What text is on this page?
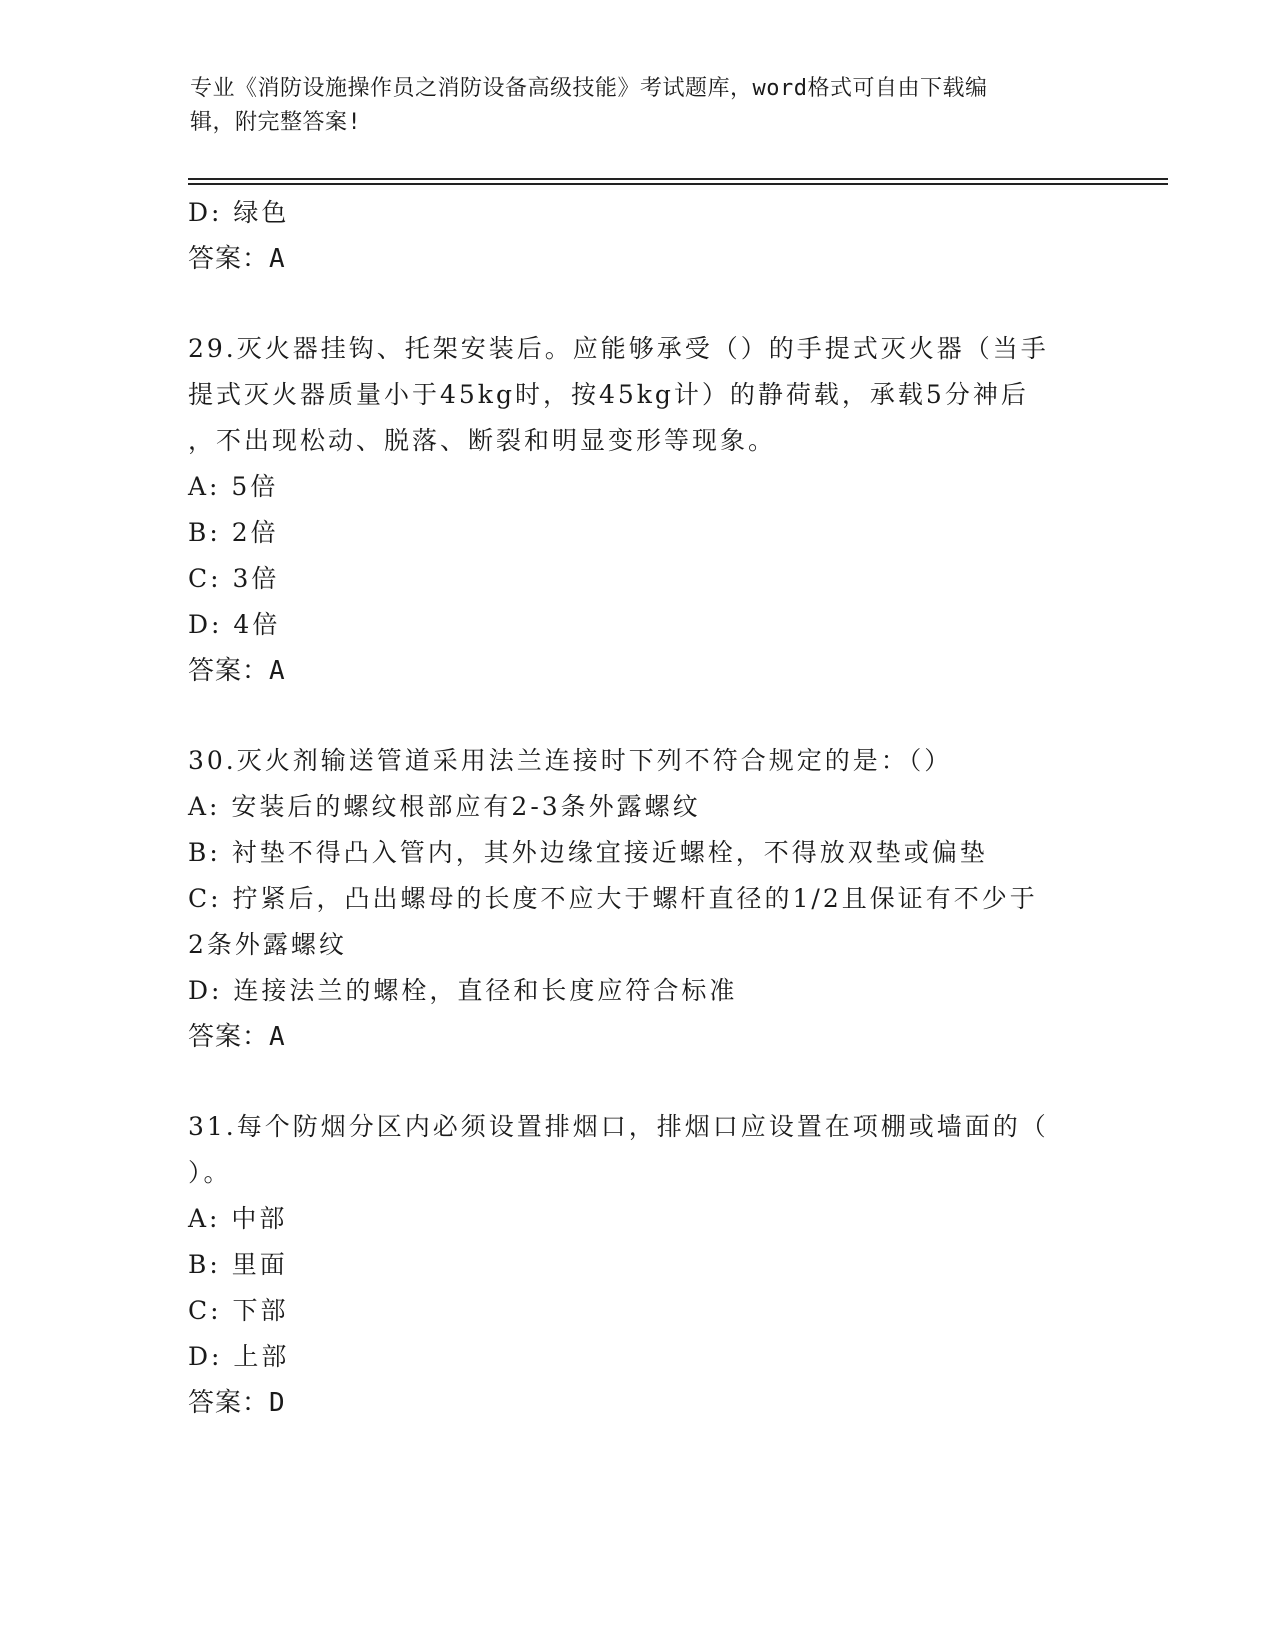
专业《消防设施操作员之消防设备高级技能》考试题库，word格式可自由下载编
辑，附完整答案!
D: 绿色
答案：A
29.灭火器挂钩、托架安装后。应能够承受（）的手提式灭火器（当手
提式灭火器质量小于45kg时，按45kg计）的静荷载，承载5分神后
，不出现松动、脱落、断裂和明显变形等现象。
A: 5倍
B: 2倍
C: 3倍
D: 4倍
答案：A
30.灭火剂输送管道采用法兰连接时下列不符合规定的是：（）
A: 安装后的螺纹根部应有2-3条外露螺纹
B: 衬垫不得凸入管内，其外边缘宜接近螺栓，不得放双垫或偏垫
C: 拧紧后，凸出螺母的长度不应大于螺杆直径的1/2且保证有不少于
2条外露螺纹
D: 连接法兰的螺栓，直径和长度应符合标准
答案：A
31.每个防烟分区内必须设置排烟口，排烟口应设置在项棚或墙面的（
）。
A: 中部
B: 里面
C: 下部
D: 上部
答案：D
